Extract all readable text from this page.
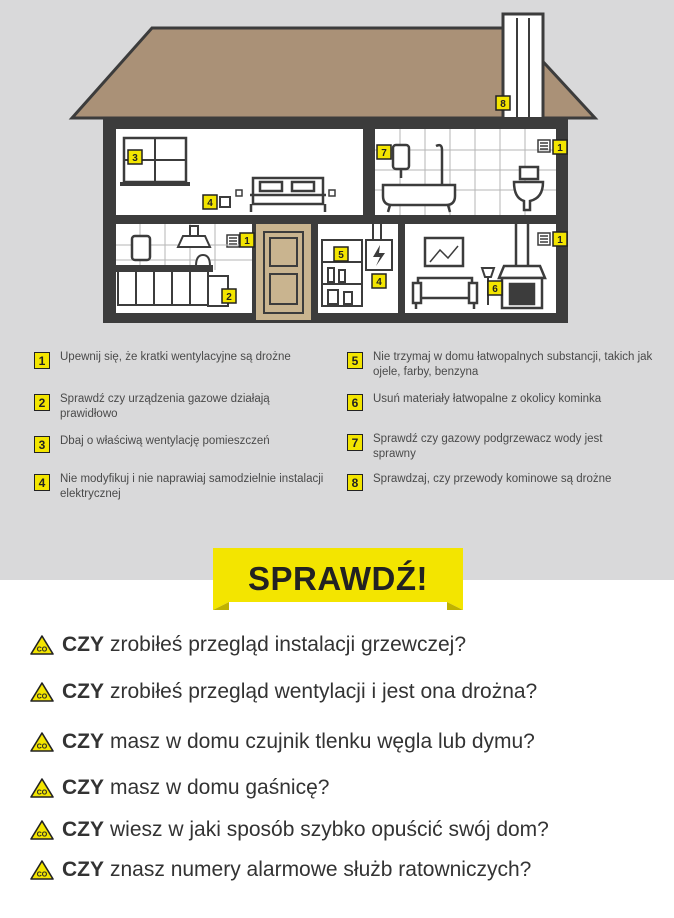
1
1
1
2
3
4
4
5
6
7
8
1	Upewnij się, że kratki wentylacyjne są drożne
2	Sprawdź czy urządzenia gazowe działają prawidłowo
3	Dbaj o właściwą wentylację pomieszczeń
4	Nie modyfikuj i nie naprawiaj samodzielnie instalacji elektrycznej
5	Nie trzymaj w domu łatwopalnych substancji, takich jak ojele, farby, benzyna
6	Usuń materiały łatwopalne z okolicy kominka
7	Sprawdź czy gazowy podgrzewacz wody jest sprawny
8	Sprawdzaj, czy przewody kominowe są drożne
SPRAWDŹ!
CO CZY zrobiłeś przegląd instalacji grzewczej?
CO CZY zrobiłeś przegląd wentylacji i jest ona drożna?
CO CZY masz w domu czujnik tlenku węgla lub dymu?
CO CZY masz w domu gaśnicę?
CO CZY wiesz w jaki sposób szybko opuścić swój dom?
CO CZY znasz numery alarmowe służb ratowniczych?
